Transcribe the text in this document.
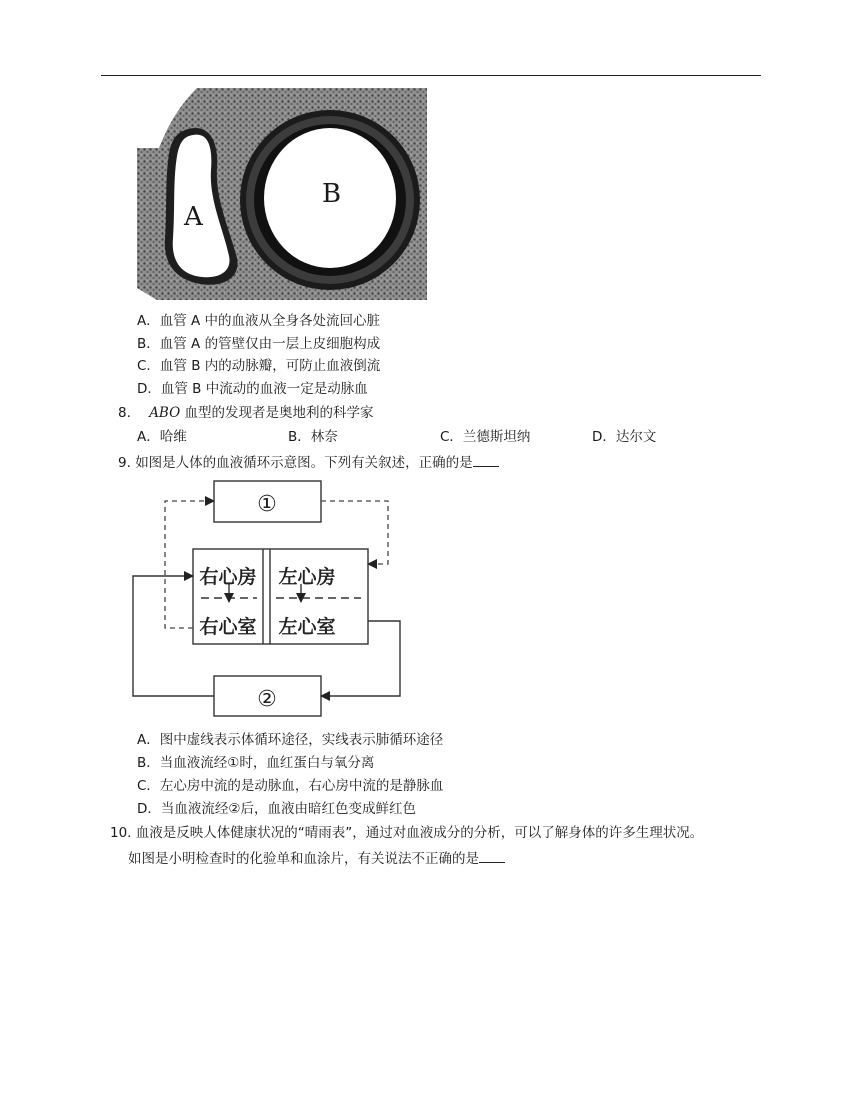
A
B
A．血管 A 中的血液从全身各处流回心脏
B．血管 A 的管壁仅由一层上皮细胞构成
C．血管 B 内的动脉瓣，可防止血液倒流
D．血管 B 中流动的血液一定是动脉血
8. ABO 血型的发现者是奥地利的科学家
A．哈维	B．林奈	C．兰德斯坦纳	D．达尔文
9. 如图是人体的血液循环示意图。下列有关叙述，正确的是
①
②
右心房 左心房
右心室 左心室
A．图中虚线表示体循环途径，实线表示肺循环途径
B．当血液流经①时，血红蛋白与氧分离
C．左心房中流的是动脉血，右心房中流的是静脉血
D．当血液流经②后，血液由暗红色变成鲜红色
10. 血液是反映人体健康状况的“晴雨表”，通过对血液成分的分析，可以了解身体的许多生理状况。
如图是小明检查时的化验单和血涂片，有关说法不正确的是
